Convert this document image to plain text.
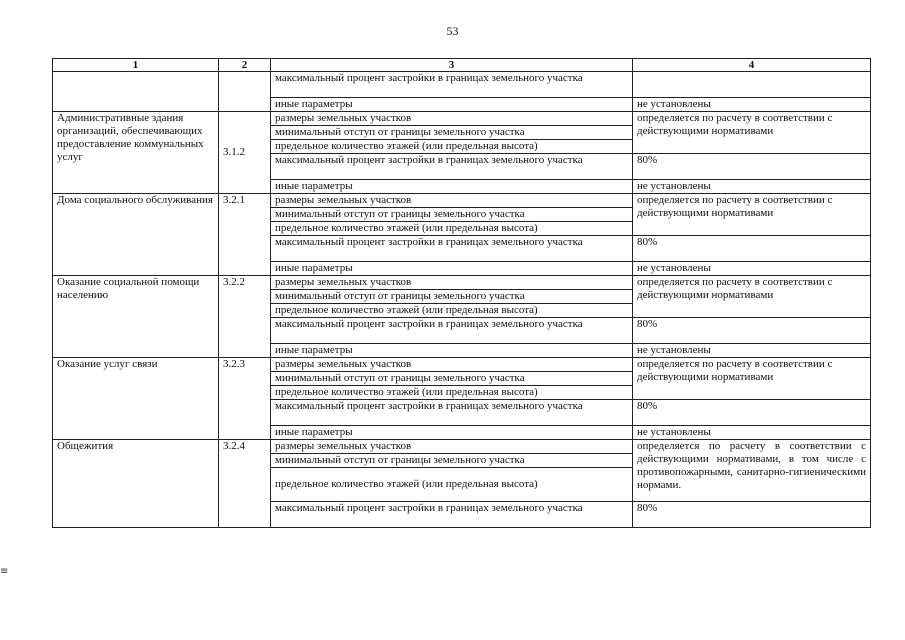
53
1	2	3	4
		максимальный процент застройки в границах земельного участка	
		иные параметры	не установлены
Административные здания организаций, обеспечивающих предоставление коммунальных услуг	3.1.2	размеры земельных участков	определяется по расчету в соответствии с действующими нормативами
		минимальный отступ от границы земельного участка	
		предельное количество этажей (или предельная высота)	
		максимальный процент застройки в границах земельного участка	80%
		иные параметры	не установлены
Дома социального обслуживания	3.2.1	размеры земельных участков	определяется по расчету в соответствии с действующими нормативами
		минимальный отступ от границы земельного участка	
		предельное количество этажей (или предельная высота)	
		максимальный процент застройки в границах земельного участка	80%
		иные параметры	не установлены
Оказание социальной помощи населению	3.2.2	размеры земельных участков	определяется по расчету в соответствии с действующими нормативами
		минимальный отступ от границы земельного участка	
		предельное количество этажей (или предельная высота)	
		максимальный процент застройки в границах земельного участка	80%
		иные параметры	не установлены
Оказание услуг связи	3.2.3	размеры земельных участков	определяется по расчету в соответствии с действующими нормативами
		минимальный отступ от границы земельного участка	
		предельное количество этажей (или предельная высота)	
		максимальный процент застройки в границах земельного участка	80%
		иные параметры	не установлены
Общежития	3.2.4	размеры земельных участков	определяется по расчету в соответствии с действующими нормативами, в том числе с противопожарными, санитарно-гигиеническими нормами.
		минимальный отступ от границы земельного участка	
		предельное количество этажей (или предельная высота)	
		максимальный процент застройки в границах земельного участка	80%
≡
